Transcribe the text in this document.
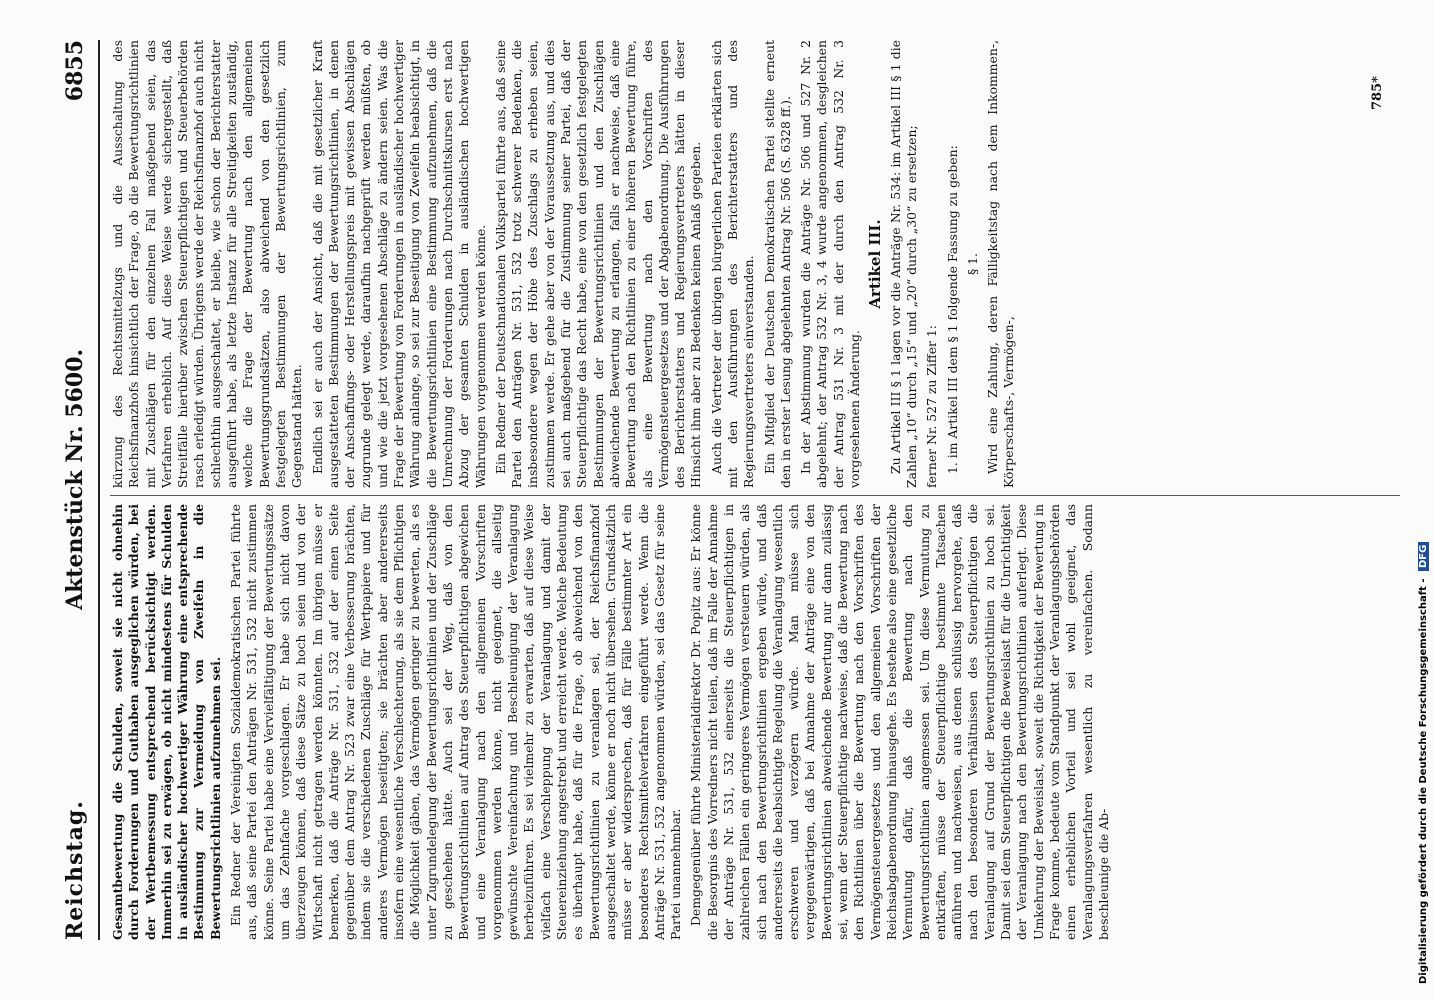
Reichstag.
Aktenstück Nr. 5600.
6855

Gesamtbewertung die Schulden, soweit sie nicht ohnehin durch Forderungen und Guthaben ausgeglichen würden, bei der Wertbemessung entsprechend berücksichtigt werden. Immerhin sei zu erwägen, ob nicht mindestens für Schulden in ausländischer hochwertiger Währung eine entsprechende Bestimmung zur Vermeidung von Zweifeln in die Bewertungsrichtlinien aufzunehmen sei. Ein Redner der Vereinigten Sozialdemokratischen Partei führte aus, daß seine Partei den Anträgen Nr. 531, 532 nicht zustimmen könne. Seine Partei habe eine Vervielfältigung der Bewertungssätze um das Zehnfache vorgeschlagen. Er habe sich nicht davon überzeugen können, daß diese Sätze zu hoch seien und von der Wirtschaft nicht getragen werden könnten. Im übrigen müsse er bemerken, daß die Anträge Nr. 531, 532 auf der einen Seite gegenüber dem Antrag Nr. 523 zwar eine Verbesserung brächten, indem sie die verschiedenen Zuschläge für Wertpapiere und für anderes Vermögen beseitigten; sie brächten aber andererseits insofern eine wesentliche Verschlechterung, als sie dem Pflichtigen die Möglichkeit gäben, das Vermögen geringer zu bewerten, als es unter Zugrundelegung der Bewertungsrichtlinien und der Zuschläge zu geschehen hätte. Auch sei der Weg, daß von den Bewertungsrichtlinien auf Antrag des Steuerpflichtigen abgewichen und eine Veranlagung nach den allgemeinen Vorschriften vorgenommen werden könne, nicht geeignet, die allseitig gewünschte Vereinfachung und Beschleunigung der Veranlagung herbeizuführen. Es sei vielmehr zu erwarten, daß auf diese Weise vielfach eine Verschleppung der Veranlagung und damit der Steuereinziehung angestrebt und erreicht werde. Welche Bedeutung es überhaupt habe, daß für die Frage, ob abweichend von den Bewertungsrichtlinien zu veranlagen sei, der Reichsfinanzhof ausgeschaltet werde, könne er noch nicht übersehen. Grundsätzlich müsse er aber widersprechen, daß für Fälle bestimmter Art ein besonderes Rechtsmittelverfahren eingeführt werde. Wenn die Anträge Nr. 531, 532 angenommen würden, sei das Gesetz für seine Partei unannehmbar. Demgegenüber führte Ministerialdirektor Dr. Popitz aus: Er könne die Besorgnis des Vorredners nicht teilen, daß im Falle der Annahme der Anträge Nr. 531, 532 einerseits die Steuerpflichtigen in zahlreichen Fällen ein geringeres Vermögen versteuern würden, als sich nach den Bewertungsrichtlinien ergeben würde, und daß andererseits die beabsichtigte Regelung die Veranlagung wesentlich erschweren und verzögern würde. Man müsse sich vergegenwärtigen, daß bei Annahme der Anträge eine von den Bewertungsrichtlinien abweichende Bewertung nur dann zulässig sei, wenn der Steuerpflichtige nachweise, daß die Bewertung nach den Richtlinien über die Bewertung nach den Vorschriften des Vermögensteuergesetzes und den allgemeinen Vorschriften der Reichsabgabenordnung hinausgehe. Es bestehe also eine gesetzliche Vermutung dafür, daß die Bewertung nach den Bewertungsrichtlinien angemessen sei. Um diese Vermutung zu entkräften, müsse der Steuerpflichtige bestimmte Tatsachen anführen und nachweisen, aus denen schlüssig hervorgehe, daß nach den besonderen Verhältnissen des Steuerpflichtigen die Veranlagung auf Grund der Bewertungsrichtlinien zu hoch sei. Damit sei dem Steuerpflichtigen die Beweislast für die Unrichtigkeit der Veranlagung nach den Bewertungsrichtlinien auferlegt. Diese Umkehrung der Beweislast, soweit die Richtigkeit der Bewertung in Frage komme, bedeute vom Standpunkt der Veranlagungsbehörden einen erheblichen Vorteil und sei wohl geeignet, das Veranlagungsverfahren wesentlich zu vereinfachen. Sodann beschleunige die Ab-

kürzung des Rechtsmittelzugs und die Ausschaltung des Reichsfinanzhofs hinsichtlich der Frage, ob die Bewertungsrichtlinien mit Zuschlägen für den einzelnen Fall maßgebend seien, das Verfahren erheblich. Auf diese Weise werde sichergestellt, daß Streitfälle hierüber zwischen Steuerpflichtigen und Steuerbehörden rasch erledigt würden. Übrigens werde der Reichsfinanzhof auch nicht schlechthin ausgeschaltet, er bleibe, wie schon der Berichterstatter ausgeführt habe, als letzte Instanz für alle Streitigkeiten zuständig, welche die Frage der Bewertung nach den allgemeinen Bewertungsgrundsätzen, also abweichend von den gesetzlich festgelegten Bestimmungen der Bewertungsrichtlinien, zum Gegenstand hätten. Endlich sei er auch der Ansicht, daß die mit gesetzlicher Kraft ausgestatteten Bestimmungen der Bewertungsrichtlinien, in denen der Anschaffungs- oder Herstellungspreis mit gewissen Abschlägen zugrunde gelegt werde, daraufhin nachgeprüft werden müßten, ob und wie die jetzt vorgesehenen Abschläge zu ändern seien. Was die Frage der Bewertung von Forderungen in ausländischer hochwertiger Währung anlange, so sei zur Beseitigung von Zweifeln beabsichtigt, in die Bewertungsrichtlinien eine Bestimmung aufzunehmen, daß die Umrechnung der Forderungen nach Durchschnittskursen erst nach Abzug der gesamten Schulden in ausländischen hochwertigen Währungen vorgenommen werden könne. Ein Redner der Deutschnationalen Volkspartei führte aus, daß seine Partei den Anträgen Nr. 531, 532 trotz schwerer Bedenken, die insbesondere wegen der Höhe des Zuschlags zu erheben seien, zustimmen werde. Er gehe aber von der Voraussetzung aus, und dies sei auch maßgebend für die Zustimmung seiner Partei, daß der Steuerpflichtige das Recht habe, eine von den gesetzlich festgelegten Bestimmungen der Bewertungsrichtlinien und den Zuschlägen abweichende Bewertung zu erlangen, falls er nachweise, daß eine Bewertung nach den Richtlinien zu einer höheren Bewertung führe, als eine Bewertung nach den Vorschriften des Vermögensteuergesetzes und der Abgabenordnung. Die Ausführungen des Berichterstatters und Regierungsvertreters hätten in dieser Hinsicht ihm aber zu Bedenken keinen Anlaß gegeben. Auch die Vertreter der übrigen bürgerlichen Parteien erklärten sich mit den Ausführungen des Berichterstatters und des Regierungsvertreters einverstanden. Ein Mitglied der Deutschen Demokratischen Partei stellte erneut den in erster Lesung abgelehnten Antrag Nr. 506 (S. 6328 ff.). In der Abstimmung wurden die Anträge Nr. 506 und 527 Nr. 2 abgelehnt; der Antrag 532 Nr. 3, 4 wurde angenommen, desgleichen der Antrag 531 Nr. 3 mit der durch den Antrag 532 Nr. 3 vorgesehenen Änderung.

Artikel III. Zu Artikel III § 1 lagen vor die Anträge Nr. 534: im Artikel III § 1 die Zahlen „10“ durch „15“ und „20“ durch „30“ zu ersetzen; ferner Nr. 527 zu Ziffer 1: 1. im Artikel III dem § 1 folgende Fassung zu geben: § 1. Wird eine Zahlung, deren Fälligkeitstag nach dem Inkommen-, Körperschafts-, Vermögen-,

785*
Digitalisierung gefördert durch die Deutsche Forschungsgemeinschaft - DFG
